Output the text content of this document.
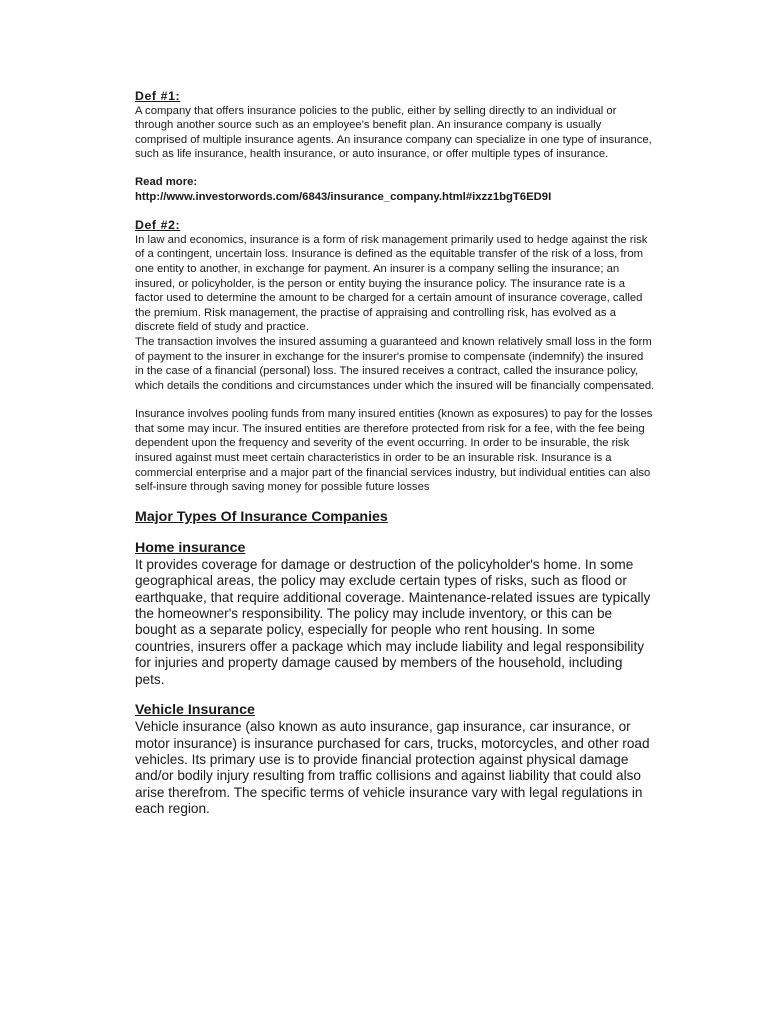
Def #1:

A company that offers insurance policies to the public, either by selling directly to an individual or through another source such as an employee's benefit plan. An insurance company is usually comprised of multiple insurance agents. An insurance company can specialize in one type of insurance, such as life insurance, health insurance, or auto insurance, or offer multiple types of insurance.

Read more:
http://www.investorwords.com/6843/insurance_company.html#ixzz1bgT6ED9I
Def #2:

In law and economics, insurance is a form of risk management primarily used to hedge against the risk of a contingent, uncertain loss. Insurance is defined as the equitable transfer of the risk of a loss, from one entity to another, in exchange for payment. An insurer is a company selling the insurance; an insured, or policyholder, is the person or entity buying the insurance policy. The insurance rate is a factor used to determine the amount to be charged for a certain amount of insurance coverage, called the premium. Risk management, the practise of appraising and controlling risk, has evolved as a discrete field of study and practice.

The transaction involves the insured assuming a guaranteed and known relatively small loss in the form of payment to the insurer in exchange for the insurer's promise to compensate (indemnify) the insured in the case of a financial (personal) loss. The insured receives a contract, called the insurance policy, which details the conditions and circumstances under which the insured will be financially compensated.

Insurance involves pooling funds from many insured entities (known as exposures) to pay for the losses that some may incur. The insured entities are therefore protected from risk for a fee, with the fee being dependent upon the frequency and severity of the event occurring. In order to be insurable, the risk insured against must meet certain characteristics in order to be an insurable risk. Insurance is a commercial enterprise and a major part of the financial services industry, but individual entities can also self-insure through saving money for possible future losses

Major Types Of Insurance Companies
Home insurance

It provides coverage for damage or destruction of the policyholder's home. In some geographical areas, the policy may exclude certain types of risks, such as flood or earthquake, that require additional coverage. Maintenance-related issues are typically the homeowner's responsibility. The policy may include inventory, or this can be bought as a separate policy, especially for people who rent housing. In some countries, insurers offer a package which may include liability and legal responsibility for injuries and property damage caused by members of the household, including pets.

Vehicle Insurance

Vehicle insurance (also known as auto insurance, gap insurance, car insurance, or motor insurance) is insurance purchased for cars, trucks, motorcycles, and other road vehicles. Its primary use is to provide financial protection against physical damage and/or bodily injury resulting from traffic collisions and against liability that could also arise therefrom. The specific terms of vehicle insurance vary with legal regulations in each region.
